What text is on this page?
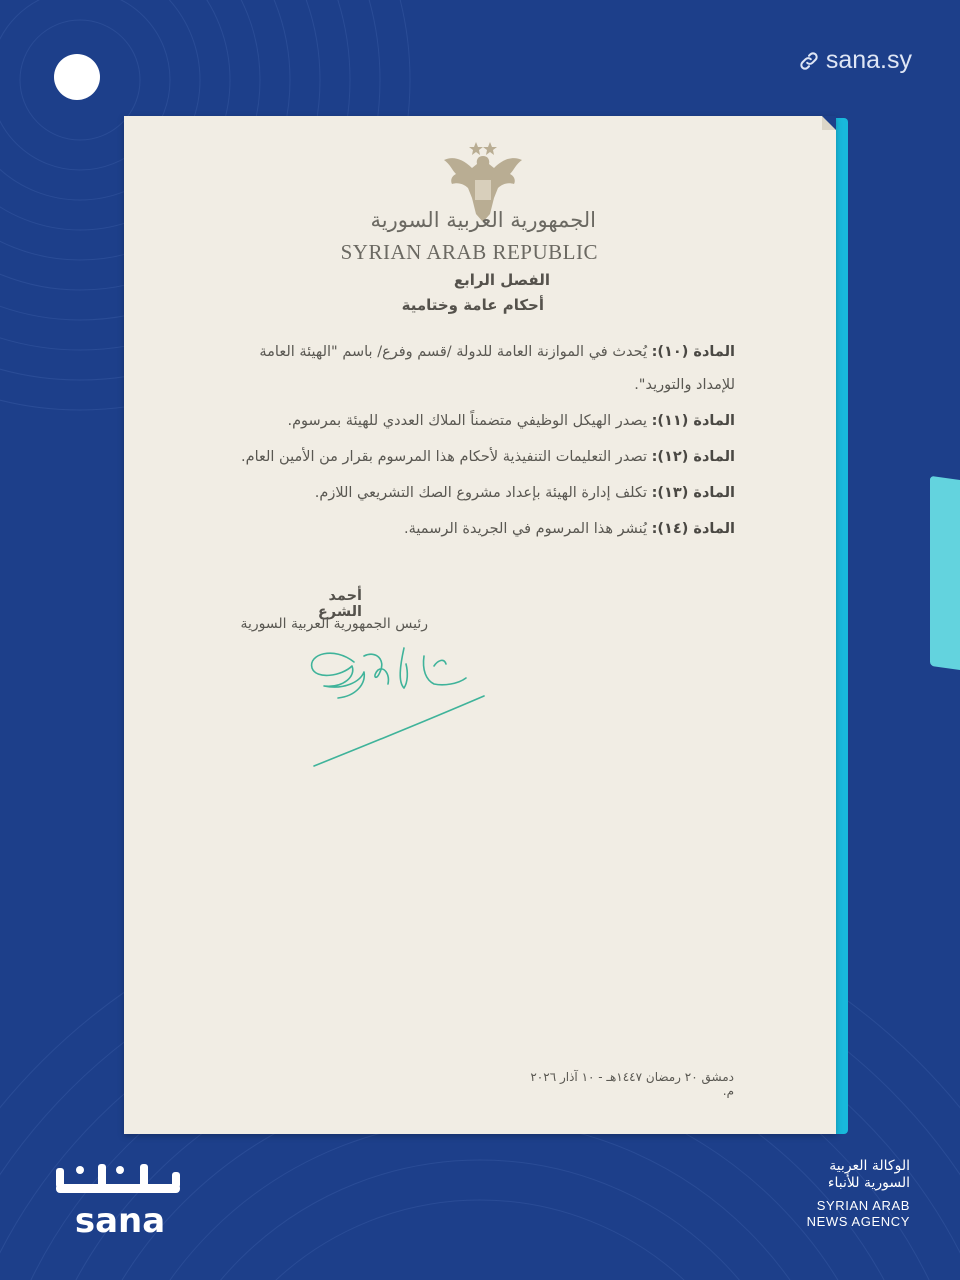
sana.sy
الجمهورية العربية السورية
SYRIAN ARAB REPUBLIC
الفصل الرابع
أحكام عامة وختامية

المادة (١٠): يُحدث في الموازنة العامة للدولة /قسم وفرع/ باسم "الهيئة العامة للإمداد والتوريد".

المادة (١١): يصدر الهيكل الوظيفي متضمناً الملاك العددي للهيئة بمرسوم.

المادة (١٢): تصدر التعليمات التنفيذية لأحكام هذا المرسوم بقرار من الأمين العام.

المادة (١٣): تكلف إدارة الهيئة بإعداد مشروع الصك التشريعي اللازم.

المادة (١٤): يُنشر هذا المرسوم في الجريدة الرسمية.

أحمد الشرع
رئيس الجمهورية العربية السورية
دمشق ٢٠ رمضان ١٤٤٧هـ - ١٠ آذار ٢٠٢٦ م.
sana
الوكالة العربية
السورية للأنباء
SYRIAN ARAB
NEWS AGENCY
